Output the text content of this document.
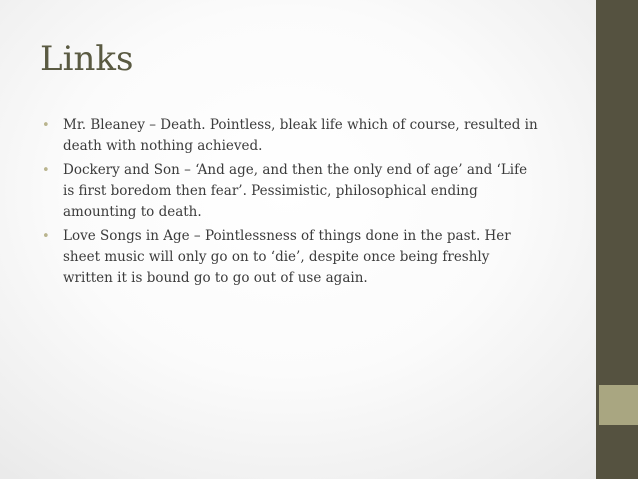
Links
• Mr. Bleaney – Death. Pointless, bleak life which of course, resulted in death with nothing achieved.
• Dockery and Son – ‘And age, and then the only end of age’ and ‘Life is first boredom then fear’. Pessimistic, philosophical ending amounting to death.
• Love Songs in Age – Pointlessness of things done in the past. Her sheet music will only go on to ‘die’, despite once being freshly written it is bound go to go out of use again.
